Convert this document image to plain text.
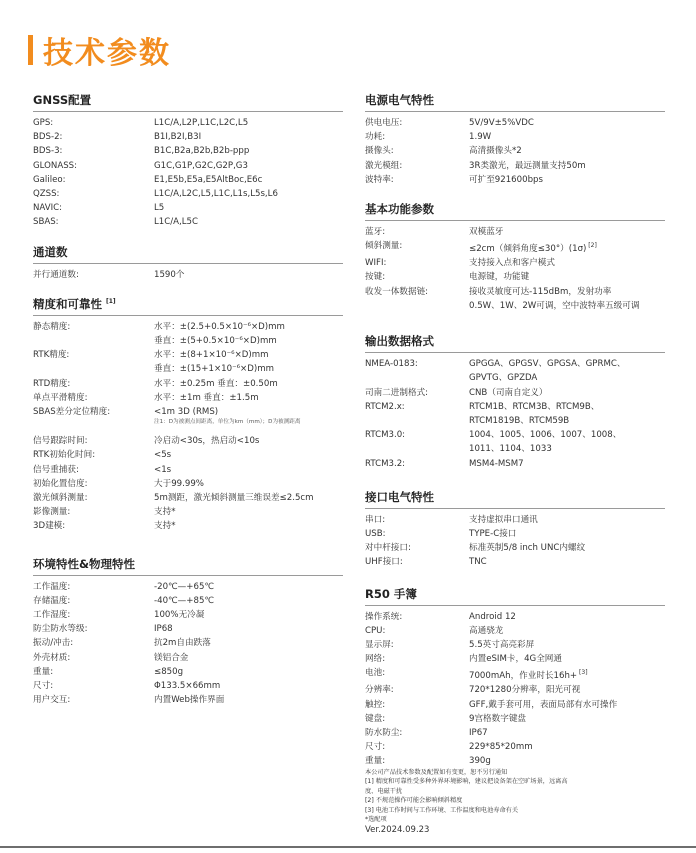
技术参数
GNSS配置
GPS:	L1C/A,L2P,L1C,L2C,L5
BDS-2:	B1I,B2I,B3I
BDS-3:	B1C,B2a,B2b,B2b-ppp
GLONASS:	G1C,G1P,G2C,G2P,G3
Galileo:	E1,E5b,E5a,E5AltBoc,E6c
QZSS:	L1C/A,L2C,L5,L1C,L1s,L5s,L6
NAVIC:	L5
SBAS:	L1C/A,L5C
通道数
并行通道数:	1590个
精度和可靠性 [1]
静态精度:	水平：±(2.5+0.5×10⁻⁶×D)mm
垂直：±(5+0.5×10⁻⁶×D)mm
RTK精度:	水平：±(8+1×10⁻⁶×D)mm
垂直：±(15+1×10⁻⁶×D)mm
RTD精度:	水平：±0.25m 垂直：±0.50m
单点平滑精度:	水平：±1m 垂直：±1.5m
SBAS差分定位精度:	<1m 3D (RMS)
注1：D为被测点间距离，单位为km（mm）；D为被测距离
信号跟踪时间:	冷启动<30s，热启动<10s
RTK初始化时间:	<5s
信号重捕获:	<1s
初始化置信度:	大于99.99%
激光倾斜测量:	5m测距，激光倾斜测量三维误差≤2.5cm
影像测量:	支持*
3D建模:	支持*
环境特性&物理特性
工作温度:	-20℃—+65℃
存储温度:	-40℃—+85℃
工作湿度:	100%无冷凝
防尘防水等级:	IP68
振动/冲击:	抗2m自由跌落
外壳材质:	镁铝合金
重量:	≤850g
尺寸:	Φ133.5×66mm
用户交互:	内置Web操作界面
电源电气特性
供电电压:	5V/9V±5%VDC
功耗:	1.9W
摄像头:	高清摄像头*2
激光模组:	3R类激光，最远测量支持50m
波特率:	可扩至921600bps
基本功能参数
蓝牙:	双模蓝牙
倾斜测量:	≤2cm（倾斜角度≤30°）(1σ) [2]
WIFI:	支持接入点和客户模式
按键:	电源键，功能键
收发一体数据链:	接收灵敏度可达-115dBm，发射功率
0.5W、1W、2W可调，空中波特率五级可调
输出数据格式
NMEA-0183:	GPGGA、GPGSV、GPGSA、GPRMC、
GPVTG、GPZDA
司南二进制格式:	CNB（司南自定义）
RTCM2.x:	RTCM1B、RTCM3B、RTCM9B、
RTCM1819B、RTCM59B
RTCM3.0:	1004、1005、1006、1007、1008、
1011、1104、1033
RTCM3.2:	MSM4-MSM7
接口电气特性
串口:	支持虚拟串口通讯
USB:	TYPE-C接口
对中杆接口:	标准英制5/8 inch UNC内螺纹
UHF接口:	TNC
R50 手簿
操作系统:	Android 12
CPU:	高通骁龙
显示屏:	5.5英寸高亮彩屏
网络:	内置eSIM卡，4G全网通
电池:	7000mAh，作业时长16h+ [3]
分辨率:	720*1280分辨率，阳光可视
触控:	GFF,戴手套可用，表面局部有水可操作
键盘:	9宫格数字键盘
防水防尘:	IP67
尺寸:	229*85*20mm
重量:	390g
本公司产品技术参数及配置如有变更，恕不另行通知
[1] 精度和可靠性受多种外界环境影响，建议把设备架在空旷场景，远离高
度、电磁干扰
[2] 不规范操作可能会影响倾斜精度
[3] 电池工作时间与工作环境、工作温度和电池寿命有关
*选配项
Ver.2024.09.23
